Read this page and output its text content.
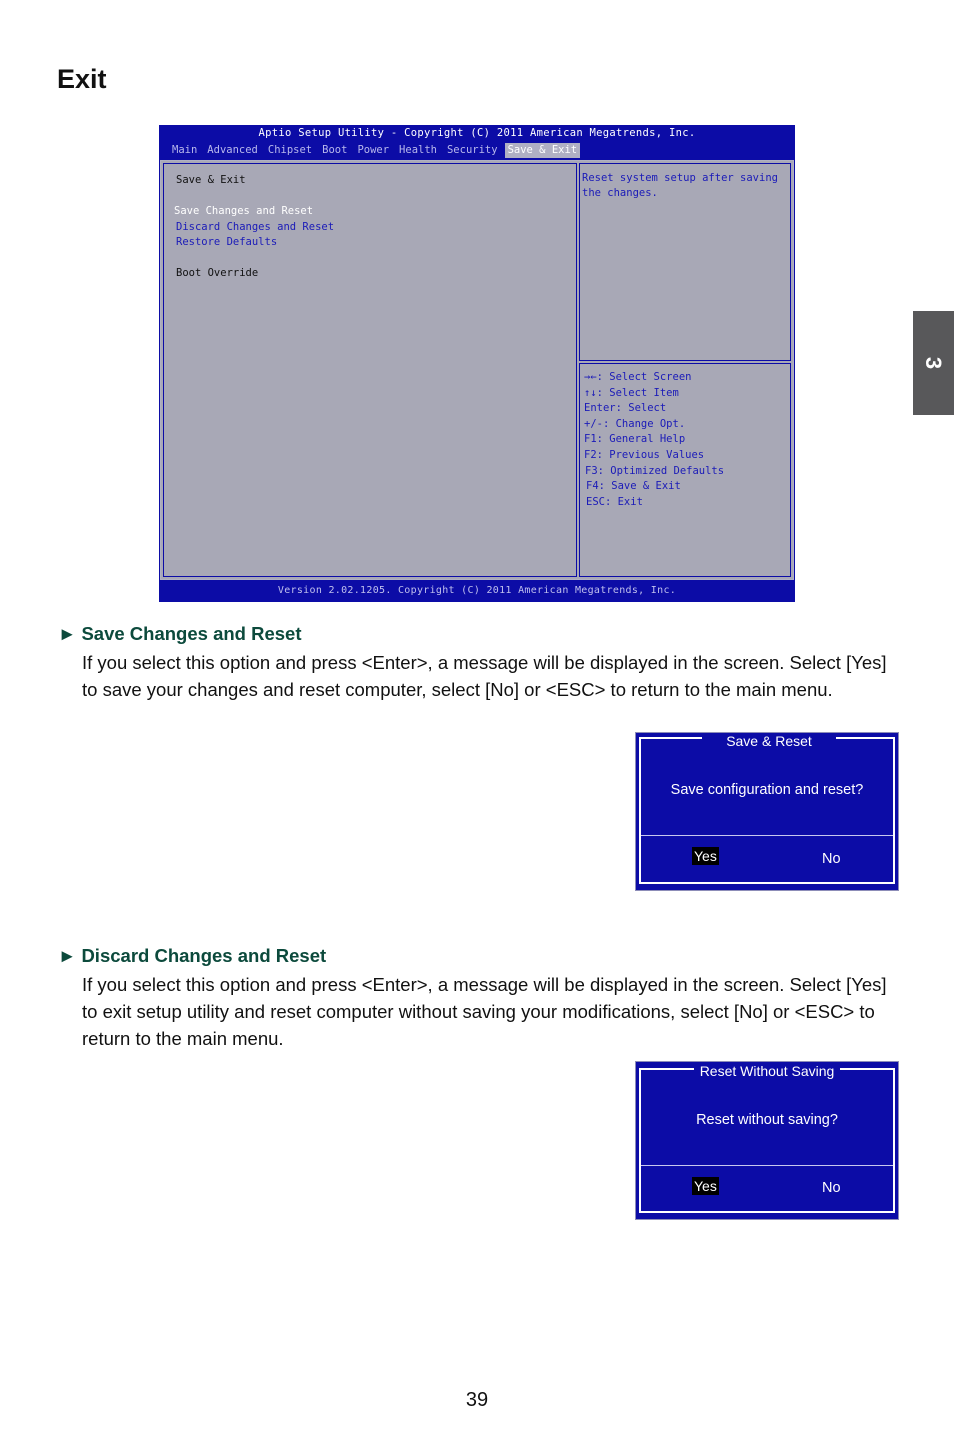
Exit
3
Aptio Setup Utility - Copyright (C) 2011 American Megatrends, Inc.
Main Advanced Chipset Boot Power Health Security Save & Exit
Save & Exit
Save Changes and Reset
Discard Changes and Reset
Restore Defaults
Boot Override
Reset system setup after saving the changes.
→←: Select Screen
↑↓: Select Item
Enter: Select
+/-: Change Opt.
F1: General Help
F2: Previous Values
F3: Optimized Defaults
F4: Save & Exit
ESC: Exit
Version 2.02.1205. Copyright (C) 2011 American Megatrends, Inc.
► Save Changes and Reset
If you select this option and press <Enter>, a message will be displayed in the screen. Select [Yes] to save your changes and reset computer, select [No] or <ESC> to return to the main menu.
Save & Reset
Save configuration and reset?
Yes	No
► Discard Changes and Reset
If you select this option and press <Enter>, a message will be displayed in the screen. Select [Yes] to exit setup utility and reset computer without saving your modifications, select [No] or <ESC> to return to the main menu.
Reset Without Saving
Reset without saving?
Yes	No
39
